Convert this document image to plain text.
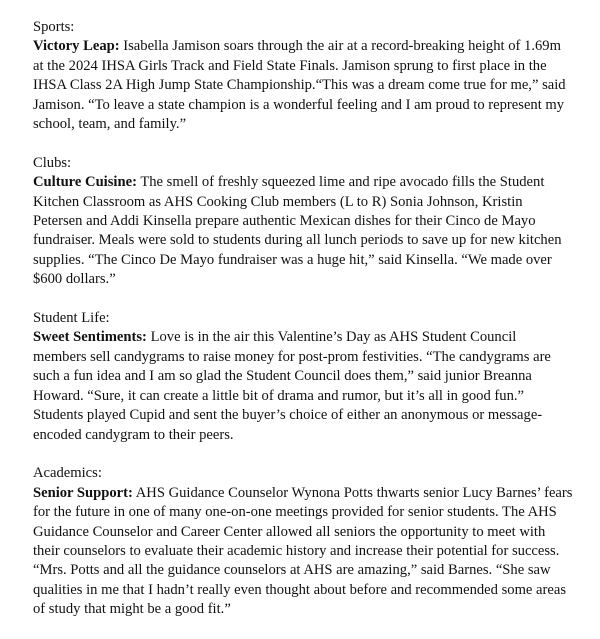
Sports:
Victory Leap: Isabella Jamison soars through the air at a record-breaking height of 1.69m at the 2024 IHSA Girls Track and Field State Finals. Jamison sprung to first place in the IHSA Class 2A High Jump State Championship.“This was a dream come true for me,” said Jamison. “To leave a state champion is a wonderful feeling and I am proud to represent my school, team, and family.”
Clubs:
Culture Cuisine: The smell of freshly squeezed lime and ripe avocado fills the Student Kitchen Classroom as AHS Cooking Club members (L to R) Sonia Johnson, Kristin Petersen and Addi Kinsella prepare authentic Mexican dishes for their Cinco de Mayo fundraiser. Meals were sold to students during all lunch periods to save up for new kitchen supplies. “The Cinco De Mayo fundraiser was a huge hit,” said Kinsella. “We made over $600 dollars.”
Student Life:
Sweet Sentiments: Love is in the air this Valentine’s Day as AHS Student Council members sell candygrams to raise money for post-prom festivities. “The candygrams are such a fun idea and I am so glad the Student Council does them,” said junior Breanna Howard. “Sure, it can create a little bit of drama and rumor, but it’s all in good fun.” Students played Cupid and sent the buyer’s choice of either an anonymous or message-encoded candygram to their peers.
Academics:
Senior Support: AHS Guidance Counselor Wynona Potts thwarts senior Lucy Barnes’ fears for the future in one of many one-on-one meetings provided for senior students. The AHS Guidance Counselor and Career Center allowed all seniors the opportunity to meet with their counselors to evaluate their academic history and increase their potential for success. “Mrs. Potts and all the guidance counselors at AHS are amazing,” said Barnes. “She saw qualities in me that I hadn’t really even thought about before and recommended some areas of study that might be a good fit.”
